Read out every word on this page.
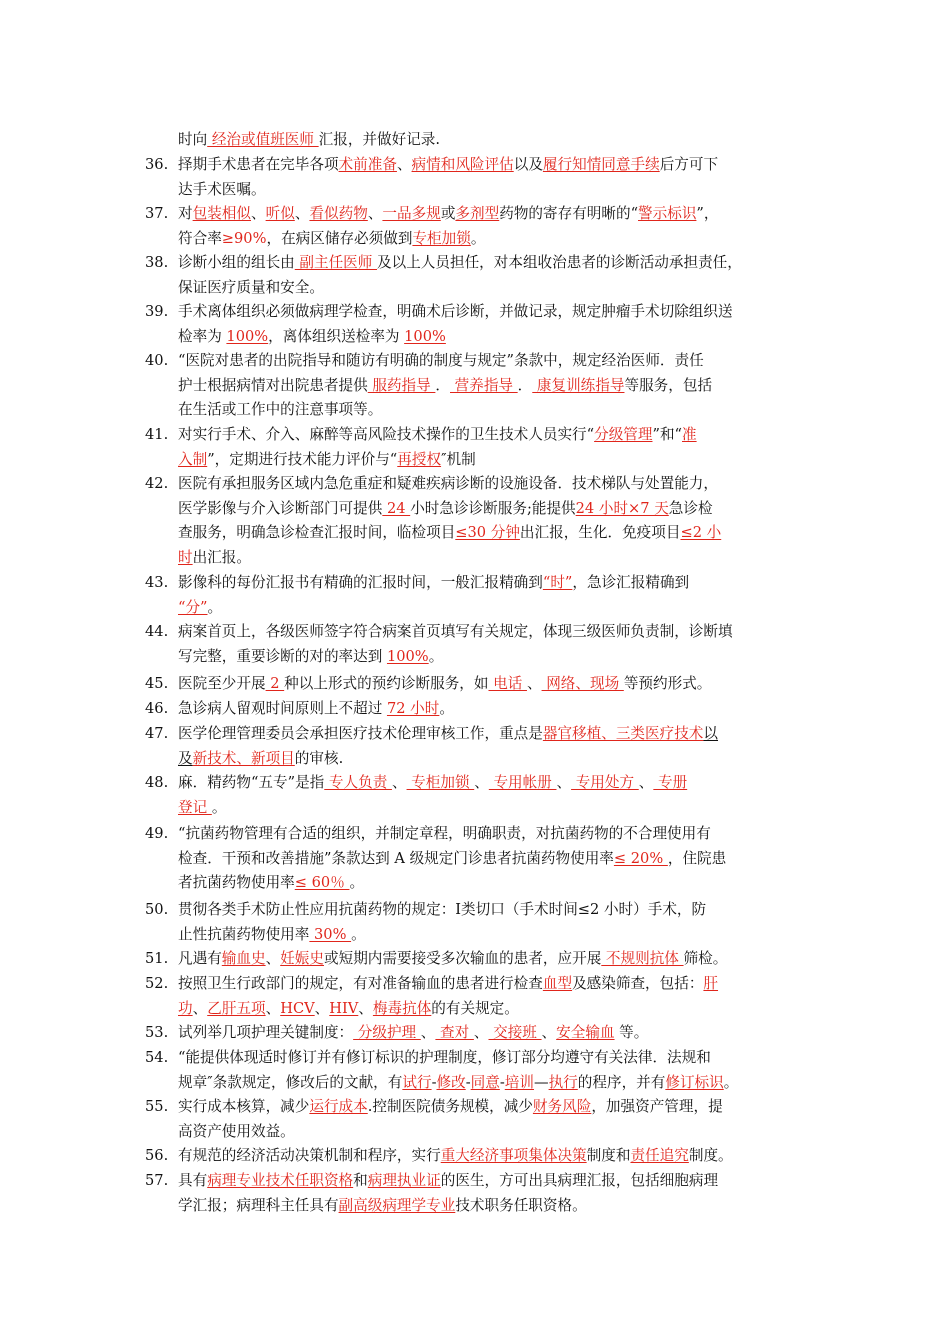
时向 经治或值班医师 汇报，并做好记录.
36. 择期手术患者在完毕各项术前准备、病情和风险评估以及履行知情同意手续后方可下
达手术医嘱。
37. 对包装相似、听似、看似药物、一品多规或多剂型药物的寄存有明晰的“警示标识”，
符合率≥90%，在病区储存必须做到专柜加锁。
38. 诊断小组的组长由 副主任医师 及以上人员担任，对本组收治患者的诊断活动承担责任，
保证医疗质量和安全。
39. 手术离体组织必须做病理学检查，明确术后诊断，并做记录，规定肿瘤手术切除组织送
检率为 100%，离体组织送检率为 100%
40. “医院对患者的出院指导和随访有明确的制度与规定”条款中，规定经治医师．责任
护士根据病情对出院患者提供 服药指导 ． 营养指导 ． 康复训练指导等服务，包括
在生活或工作中的注意事项等。
41. 对实行手术、介入、麻醉等高风险技术操作的卫生技术人员实行“分级管理”和“准
入制”，定期进行技术能力评价与“再授权″机制
42. 医院有承担服务区域内急危重症和疑难疾病诊断的设施设备．技术梯队与处置能力，
医学影像与介入诊断部门可提供 24 小时急诊诊断服务;能提供24 小时×7 天急诊检
查服务，明确急诊检查汇报时间，临检项目≤30 分钟出汇报，生化．免疫项目≤2 小
时出汇报。
43. 影像科的每份汇报书有精确的汇报时间，一般汇报精确到“时”，急诊汇报精确到
“分”。
44. 病案首页上，各级医师签字符合病案首页填写有关规定，体现三级医师负责制，诊断填
写完整，重要诊断的对的率达到 100%。
45. 医院至少开展 2 种以上形式的预约诊断服务，如 电话 、 网络、现场 等预约形式。
46. 急诊病人留观时间原则上不超过 72 小时。
47. 医学伦理管理委员会承担医疗技术伦理审核工作，重点是器官移植、三类医疗技术以
及新技术、新项目的审核.
48. 麻．精药物“五专”是指 专人负责 、 专柜加锁 、 专用帐册 、 专用处方 、 专册
登记 。
49. “抗菌药物管理有合适的组织，并制定章程，明确职责，对抗菌药物的不合理使用有
检查．干预和改善措施”条款达到 A 级规定门诊患者抗菌药物使用率≤ 20% ，住院患
者抗菌药物使用率≤ 60％ 。
50. 贯彻各类手术防止性应用抗菌药物的规定：Ⅰ类切口（手术时间≤2 小时）手术，防
止性抗菌药物使用率 30% 。
51. 凡遇有输血史、妊娠史或短期内需要接受多次输血的患者，应开展 不规则抗体 筛检。
52. 按照卫生行政部门的规定，有对准备输血的患者进行检查血型及感染筛查，包括：肝
功、乙肝五项、HCV、HIV、梅毒抗体的有关规定。
53. 试列举几项护理关键制度： 分级护理 、 查对 、 交接班 、安全输血 等。
54. “能提供体现适时修订并有修订标识的护理制度，修订部分均遵守有关法律．法规和
规章″条款规定，修改后的文献，有试行-修改-同意-培训—执行的程序，并有修订标识。
55. 实行成本核算，减少运行成本.控制医院债务规模，减少财务风险，加强资产管理，提
高资产使用效益。
56. 有规范的经济活动决策机制和程序，实行重大经济事项集体决策制度和责任追究制度。
57. 具有病理专业技术任职资格和病理执业证的医生，方可出具病理汇报，包括细胞病理
学汇报；病理科主任具有副高级病理学专业技术职务任职资格。
